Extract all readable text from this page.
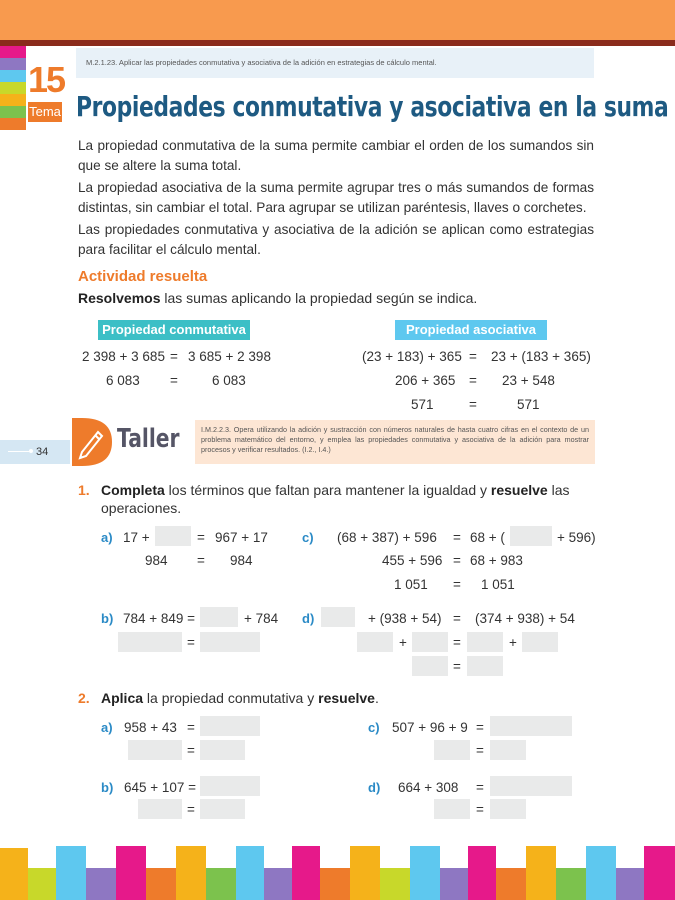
15
Tema
M.2.1.23. Aplicar las propiedades conmutativa y asociativa de la adición en estrategias de cálculo mental.
Propiedades conmutativa y asociativa en la suma
La propiedad conmutativa de la suma permite cambiar el orden de los sumandos sin que se altere la suma total.
La propiedad asociativa de la suma permite agrupar tres o más sumandos de formas distintas, sin cambiar el total. Para agrupar se utilizan paréntesis, llaves o corchetes.
Las propiedades conmutativa y asociativa de la adición se aplican como estrategias para facilitar el cálculo mental.
Actividad resuelta
Resolvemos las sumas aplicando la propiedad según se indica.
Propiedad conmutativa	Propiedad asociativa
2 398 + 3 685 = 3 685 + 2 398
6 083 =	6 083
(23 + 183) + 365 = 23 + (183 + 365)
206 + 365 = 23 + 548
571	=	571
34	Taller	I.M.2.2.3. Opera utilizando la adición y sustracción con números naturales de hasta cuatro cifras en el contexto de un problema matemático del entorno, y emplea las propiedades conmutativa y asociativa de la adición para mostrar procesos y verificar resultados. (I.2., I.4.)
1. Completa los términos que faltan para mantener la igualdad y resuelve las
operaciones.
a) 17 +	= 967 + 17
984 = 984
c) (68 + 387) + 596 = 68 + (	+ 596)
455 + 596 = 68 + 983
1 051 = 1 051
b) 784 + 849 =	+ 784
=
d)	+ (938 + 54) = (374 + 938) + 54
+	=	+
=
2. Aplica la propiedad conmutativa y resuelve.
a) 958 + 43 =
=
c) 507 + 96 + 9 =
=
b) 645 + 107 =
=
d) 664 + 308 =
=
